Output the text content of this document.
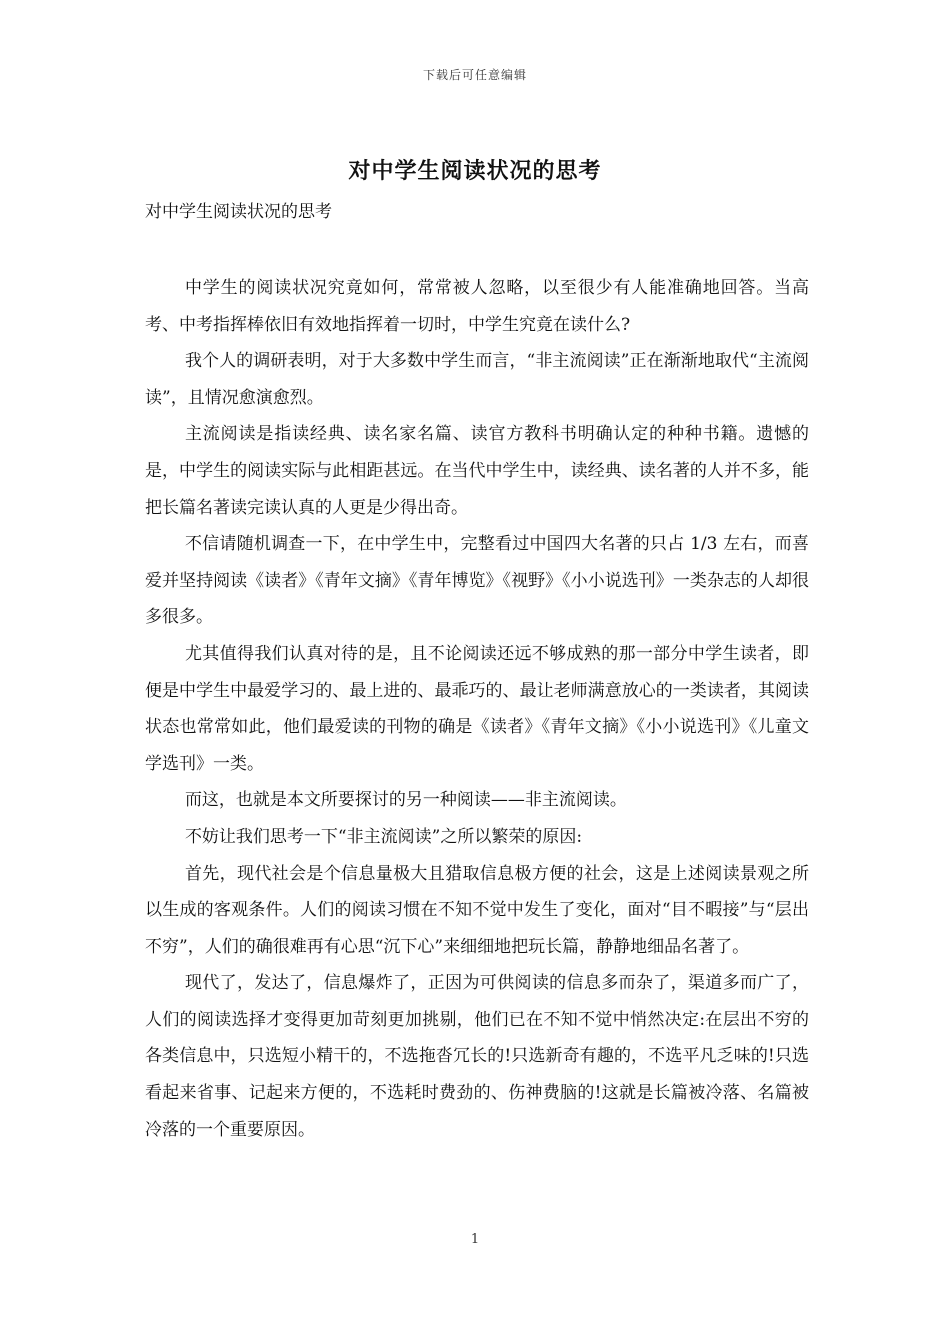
下载后可任意编辑
对中学生阅读状况的思考
对中学生阅读状况的思考

中学生的阅读状况究竟如何，常常被人忽略，以至很少有人能准确地回答。当高考、中考指挥棒依旧有效地指挥着一切时，中学生究竟在读什么?

我个人的调研表明，对于大多数中学生而言，“非主流阅读”正在渐渐地取代“主流阅读”，且情况愈演愈烈。

主流阅读是指读经典、读名家名篇、读官方教科书明确认定的种种书籍。遗憾的是，中学生的阅读实际与此相距甚远。在当代中学生中，读经典、读名著的人并不多，能把长篇名著读完读认真的人更是少得出奇。

不信请随机调查一下，在中学生中，完整看过中国四大名著的只占 1/3 左右，而喜爱并坚持阅读《读者》《青年文摘》《青年博览》《视野》《小小说选刊》一类杂志的人却很多很多。

尤其值得我们认真对待的是，且不论阅读还远不够成熟的那一部分中学生读者，即便是中学生中最爱学习的、最上进的、最乖巧的、最让老师满意放心的一类读者，其阅读状态也常常如此，他们最爱读的刊物的确是《读者》《青年文摘》《小小说选刊》《儿童文学选刊》一类。

而这，也就是本文所要探讨的另一种阅读——非主流阅读。

不妨让我们思考一下“非主流阅读”之所以繁荣的原因:

首先，现代社会是个信息量极大且猎取信息极方便的社会，这是上述阅读景观之所以生成的客观条件。人们的阅读习惯在不知不觉中发生了变化，面对“目不暇接”与“层出不穷”，人们的确很难再有心思“沉下心”来细细地把玩长篇，静静地细品名著了。

现代了，发达了，信息爆炸了，正因为可供阅读的信息多而杂了，渠道多而广了，人们的阅读选择才变得更加苛刻更加挑剔，他们已在不知不觉中悄然决定:在层出不穷的各类信息中，只选短小精干的，不选拖沓冗长的!只选新奇有趣的，不选平凡乏味的!只选看起来省事、记起来方便的，不选耗时费劲的、伤神费脑的!这就是长篇被冷落、名篇被冷落的一个重要原因。

1
